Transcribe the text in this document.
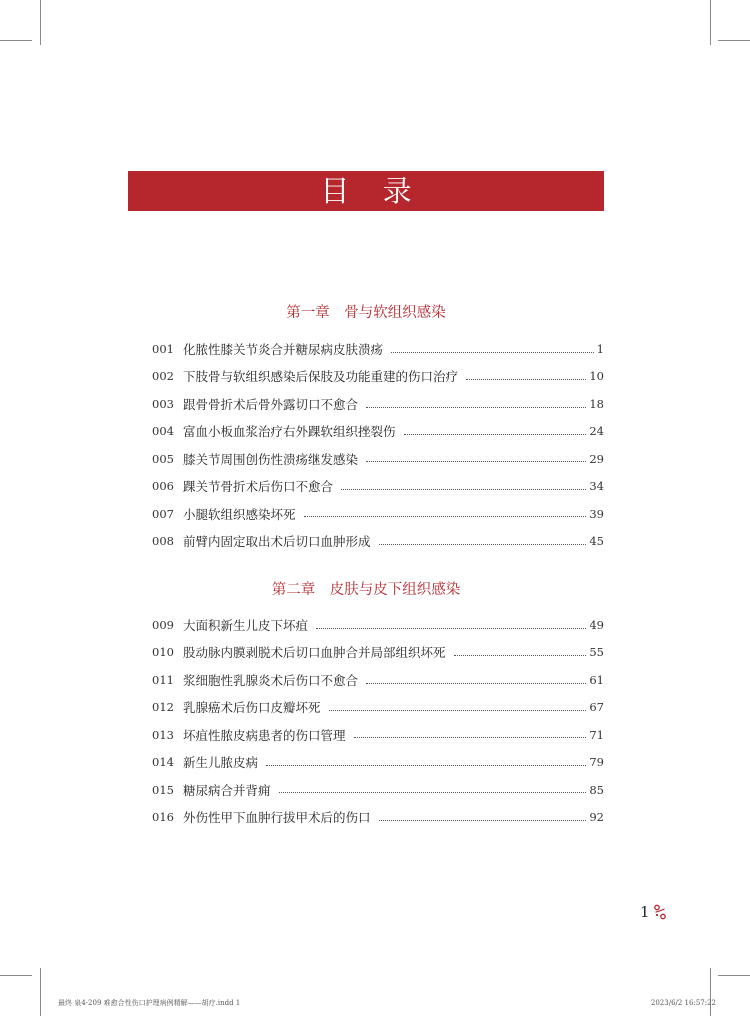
目 录
第一章　骨与软组织感染
001 化脓性膝关节炎合并糖尿病皮肤溃疡	1
002 下肢骨与软组织感染后保肢及功能重建的伤口治疗	10
003 跟骨骨折术后骨外露切口不愈合	18
004 富血小板血浆治疗右外踝软组织挫裂伤	24
005 膝关节周围创伤性溃疡继发感染	29
006 踝关节骨折术后伤口不愈合	34
007 小腿软组织感染坏死	39
008 前臂内固定取出术后切口血肿形成	45
第二章　皮肤与皮下组织感染
009 大面积新生儿皮下坏疽	49
010 股动脉内膜剥脱术后切口血肿合并局部组织坏死	55
011 浆细胞性乳腺炎术后伤口不愈合	61
012 乳腺癌术后伤口皮瓣坏死	67
013 坏疽性脓皮病患者的伤口管理	71
014 新生儿脓皮病	79
015 糖尿病合并背痈	85
016 外伤性甲下血肿行拔甲术后的伤口	92
1
最终 泉4-209 难愈合性伤口护理病例精解——胡疗.indd 1	2023/6/2 16:57:22
